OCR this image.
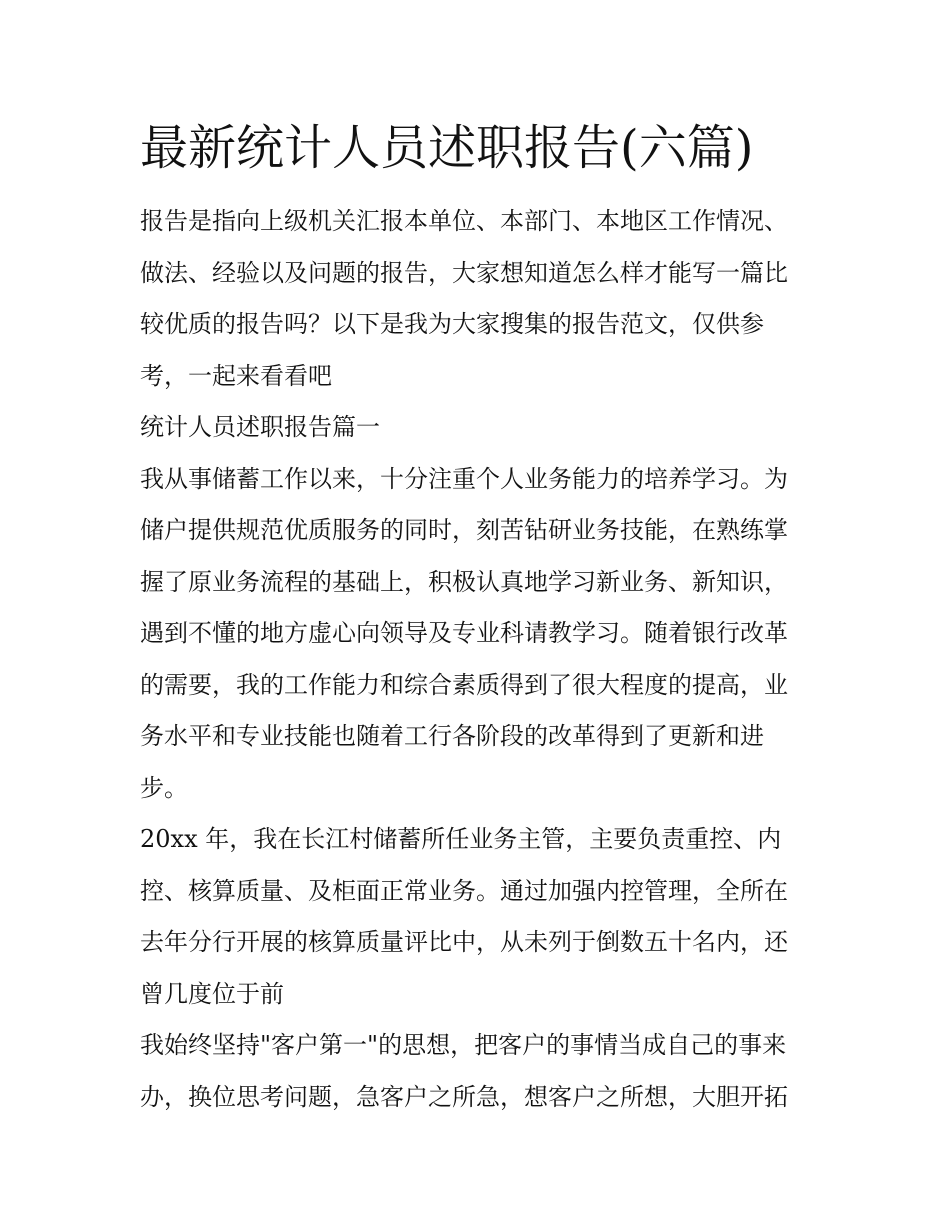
最新统计人员述职报告(六篇)
报告是指向上级机关汇报本单位、本部门、本地区工作情况、
做法、经验以及问题的报告，大家想知道怎么样才能写一篇比
较优质的报告吗？以下是我为大家搜集的报告范文，仅供参
考，一起来看看吧
统计人员述职报告篇一
我从事储蓄工作以来，十分注重个人业务能力的培养学习。为
储户提供规范优质服务的同时，刻苦钻研业务技能，在熟练掌
握了原业务流程的基础上，积极认真地学习新业务、新知识，
遇到不懂的地方虚心向领导及专业科请教学习。随着银行改革
的需要，我的工作能力和综合素质得到了很大程度的提高，业
务水平和专业技能也随着工行各阶段的改革得到了更新和进
步。
20xx 年，我在长江村储蓄所任业务主管，主要负责重控、内
控、核算质量、及柜面正常业务。通过加强内控管理，全所在
去年分行开展的核算质量评比中，从未列于倒数五十名内，还
曾几度位于前
我始终坚持"客户第一"的思想，把客户的事情当成自己的事来
办，换位思考问题，急客户之所急，想客户之所想，大胆开拓
